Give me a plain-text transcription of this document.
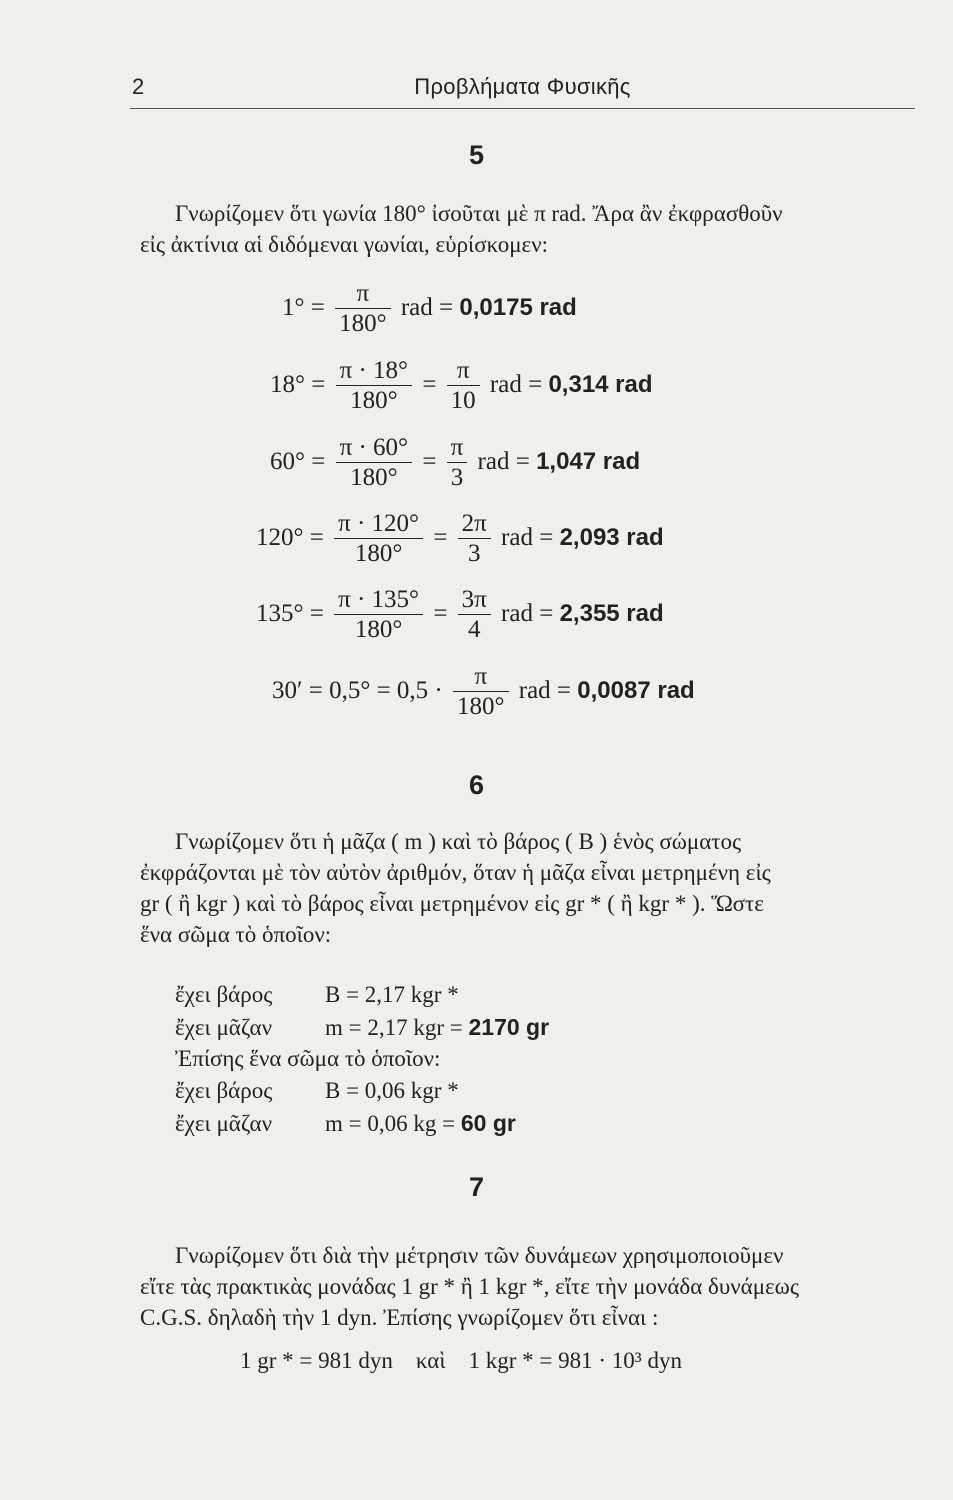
2	Προβλήματα Φυσικῆς
5
Γνωρίζομεν ὅτι γωνία 180° ἰσοῦται μὲ π rad. Ἄρα ἂν ἐκφρασθοῦν
εἰς ἀκτίνια αἱ διδόμεναι γωνίαι, εὑρίσκομεν:
$1^\circ = \frac{\pi}{180^\circ}$ rad = 0,0175 rad
$18^\circ = \frac{\pi \cdot 18^\circ}{180^\circ} = \frac{\pi}{10}$ rad = 0,314 rad
$60^\circ = \frac{\pi \cdot 60^\circ}{180^\circ} = \frac{\pi}{3}$ rad = 1,047 rad
$120^\circ = \frac{\pi \cdot 120^\circ}{180^\circ} = \frac{2\pi}{3}$ rad = 2,093 rad
$135^\circ = \frac{\pi \cdot 135^\circ}{180^\circ} = \frac{3\pi}{4}$ rad = 2,355 rad
$30' = 0,5^\circ = 0,5 \cdot \frac{\pi}{180^\circ}$ rad = 0,0087 rad
6
Γνωρίζομεν ὅτι ἡ μᾶζα ( m ) καὶ τὸ βάρος ( B ) ἑνὸς σώματος
ἐκφράζονται μὲ τὸν αὐτὸν ἀριθμόν, ὅταν ἡ μᾶζα εἶναι μετρημένη εἰς
gr ( ἢ kgr ) καὶ τὸ βάρος εἶναι μετρημένον εἰς gr * ( ἢ kgr * ). Ὥστε
ἕνα σῶμα τὸ ὁποῖον:
ἔχει βάρος B = 2,17 kgr *
ἔχει μᾶζαν m = 2,17 kgr = 2170 gr
Ἐπίσης ἕνα σῶμα τὸ ὁποῖον:
ἔχει βάρος B = 0,06 kgr *
ἔχει μᾶζαν m = 0,06 kg = 60 gr
7
Γνωρίζομεν ὅτι διὰ τὴν μέτρησιν τῶν δυνάμεων χρησιμοποιοῦμεν
εἴτε τὰς πρακτικὰς μονάδας 1 gr * ἢ 1 kgr *, εἴτε τὴν μονάδα δυνάμεως
C.G.S. δηλαδὴ τὴν 1 dyn. Ἐπίσης γνωρίζομεν ὅτι εἶναι :
1 gr * = 981 dyn    καὶ    1 kgr * = 981 · 10³ dyn
